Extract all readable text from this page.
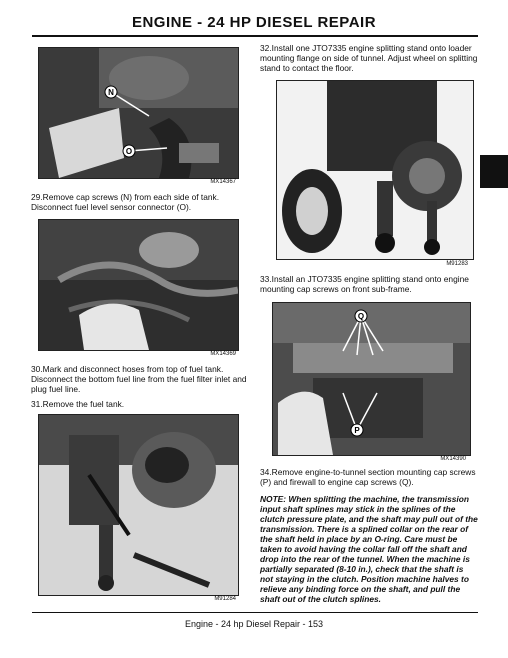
ENGINE - 24 HP DIESEL REPAIR
N
O
MX14367
29.Remove cap screws (N) from each side of tank. Disconnect fuel level sensor connector (O).
MX14369
30.Mark and disconnect hoses from top of fuel tank. Disconnect the bottom fuel line from the fuel filter inlet and plug fuel line.
31.Remove the fuel tank.
M91284
32.Install one JTO7335 engine splitting stand onto loader mounting flange on side of tunnel. Adjust wheel on splitting stand to contact the floor.
M91283
33.Install an JTO7335 engine splitting stand onto engine mounting cap screws on front sub-frame.
Q
P
MX14390
34.Remove engine-to-tunnel section mounting cap screws (P) and firewall to engine cap screws (Q).
NOTE: When splitting the machine, the transmission input shaft splines may stick in the splines of the clutch pressure plate, and the shaft may pull out of the transmission. There is a splined collar on the rear of the shaft held in place by an O-ring. Care must be taken to avoid having the collar fall off the shaft and drop into the rear of the tunnel. When the machine is partially separated (8-10 in.), check that the shaft is not staying in the clutch. Position machine halves to relieve any binding force on the shaft, and pull the shaft out of the clutch splines.
Engine - 24 hp Diesel Repair - 153
